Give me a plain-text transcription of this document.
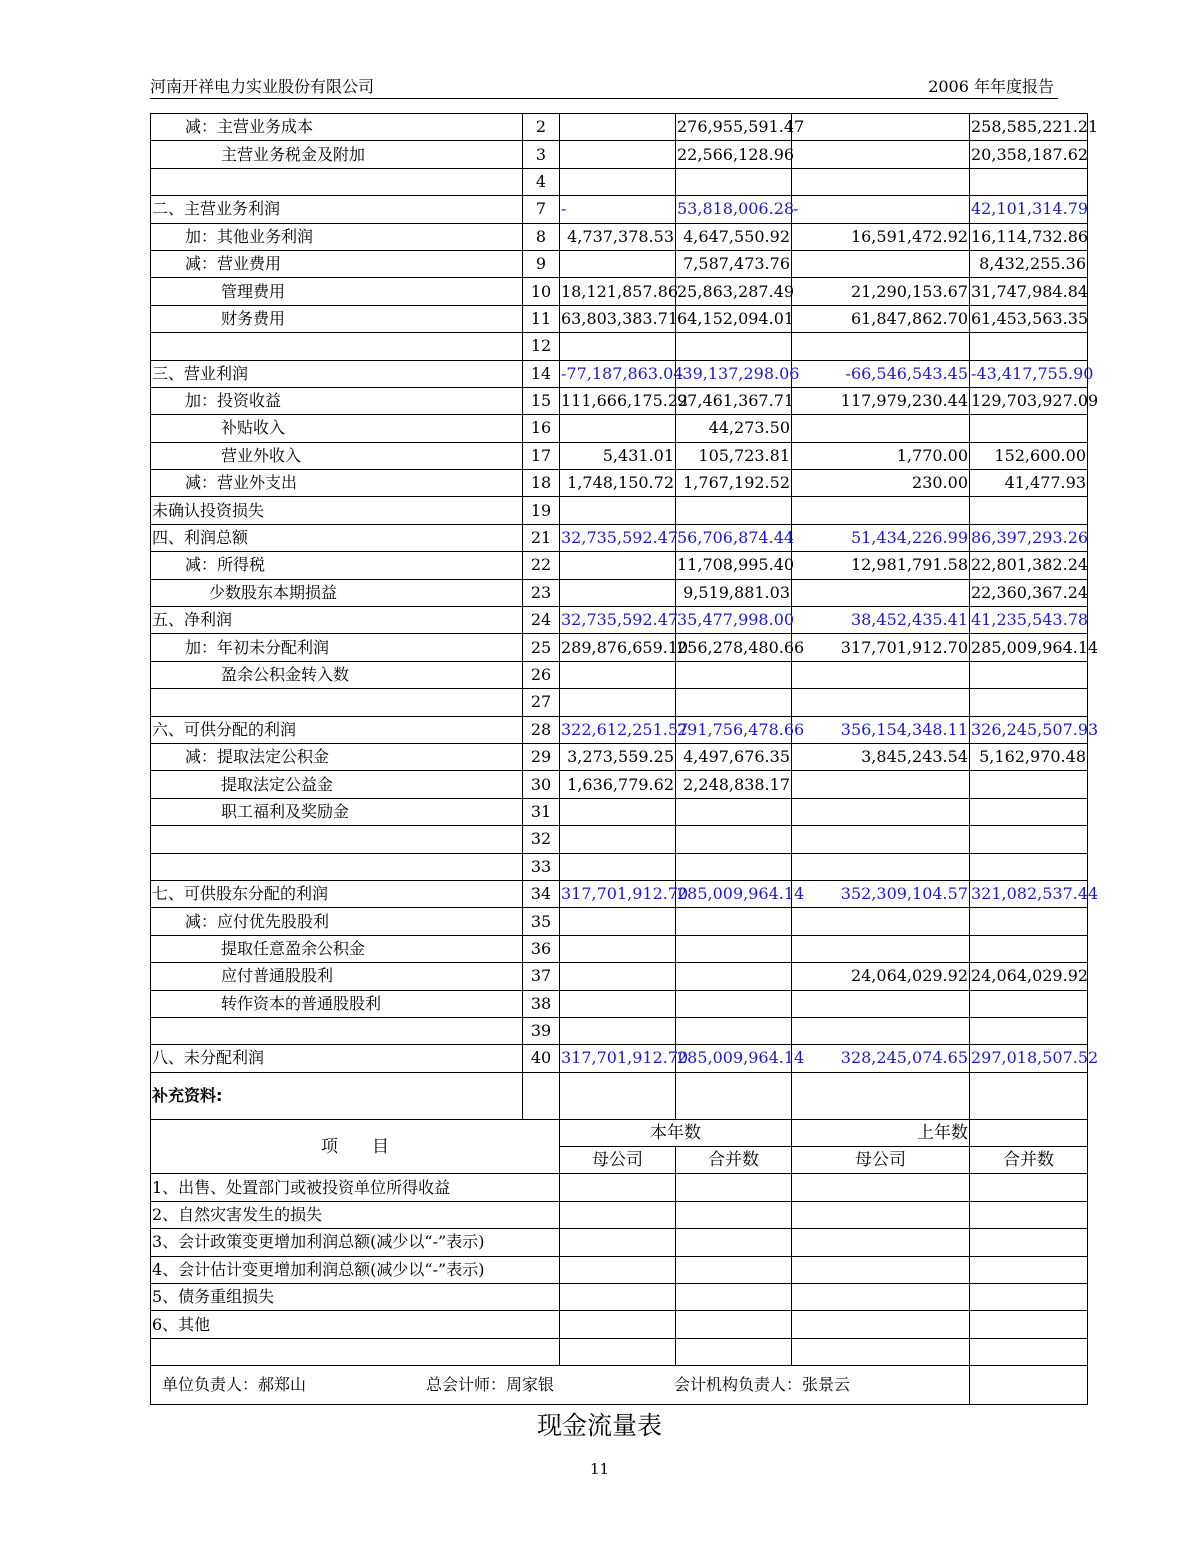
河南开祥电力实业股份有限公司	2006 年年度报告
减：主营业务成本	2		276,955,591.47		258,585,221.21
主营业务税金及附加	3		22,566,128.96		20,358,187.62
	4				
二、主营业务利润	7	-	53,818,006.28	-	42,101,314.79
加：其他业务利润	8	4,737,378.53	4,647,550.92	16,591,472.92	16,114,732.86
减：营业费用	9		7,587,473.76		8,432,255.36
管理费用	10	18,121,857.86	25,863,287.49	21,290,153.67	31,747,984.84
财务费用	11	63,803,383.71	64,152,094.01	61,847,862.70	61,453,563.35
	12				
三、营业利润	14	-77,187,863.04	-39,137,298.06	-66,546,543.45	-43,417,755.90
加：投资收益	15	111,666,175.22	97,461,367.71	117,979,230.44	129,703,927.09
补贴收入	16		44,273.50		
营业外收入	17	5,431.01	105,723.81	1,770.00	152,600.00
减：营业外支出	18	1,748,150.72	1,767,192.52	230.00	41,477.93
未确认投资损失	19				
四、利润总额	21	32,735,592.47	56,706,874.44	51,434,226.99	86,397,293.26
减：所得税	22		11,708,995.40	12,981,791.58	22,801,382.24
少数股东本期损益	23		9,519,881.03		22,360,367.24
五、净利润	24	32,735,592.47	35,477,998.00	38,452,435.41	41,235,543.78
加：年初未分配利润	25	289,876,659.10	256,278,480.66	317,701,912.70	285,009,964.14
盈余公积金转入数	26				
	27				
六、可供分配的利润	28	322,612,251.57	291,756,478.66	356,154,348.11	326,245,507.93
减：提取法定公积金	29	3,273,559.25	4,497,676.35	3,845,243.54	5,162,970.48
提取法定公益金	30	1,636,779.62	2,248,838.17		
职工福利及奖励金	31				
	32				
	33				
七、可供股东分配的利润	34	317,701,912.70	285,009,964.14	352,309,104.57	321,082,537.44
减：应付优先股股利	35				
提取任意盈余公积金	36				
应付普通股股利	37			24,064,029.92	24,064,029.92
转作资本的普通股股利	38				
	39				
八、未分配利润	40	317,701,912.70	285,009,964.14	328,245,074.65	297,018,507.52
补充资料:					
项　　目		本年数		上年数	
		母公司	合并数	母公司	合并数
1、出售、处置部门或被投资单位所得收益					
2、自然灾害发生的损失					
3、会计政策变更增加利润总额(减少以“-”表示)					
4、会计估计变更增加利润总额(减少以“-”表示)					
5、债务重组损失					
6、其他					

单位负责人：郝郑山 总会计师：周家银 会计机构负责人：张景云					

现金流量表
11
